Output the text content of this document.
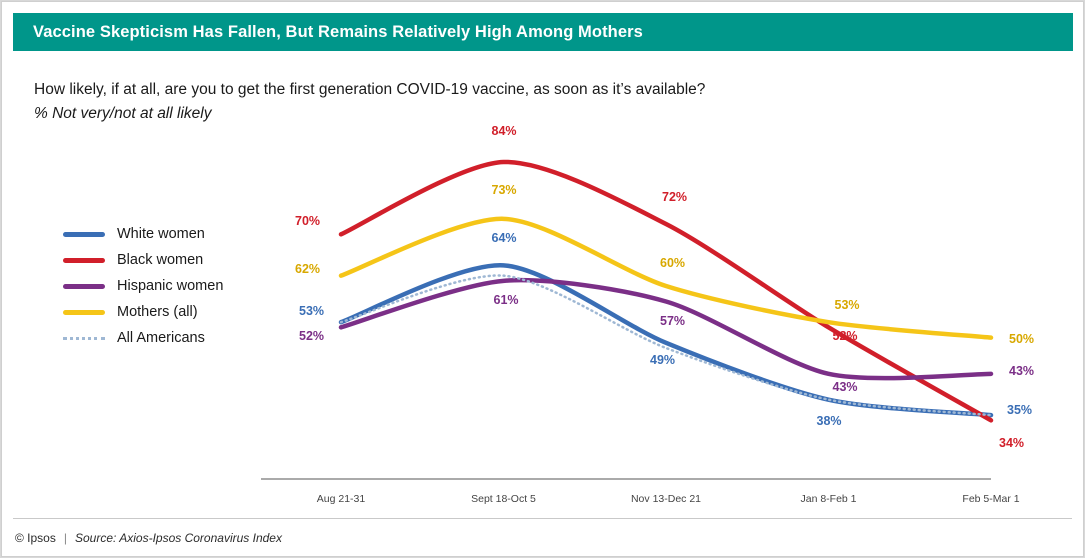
Vaccine Skepticism Has Fallen, But Remains Relatively High Among Mothers
How likely, if at all, are you to get the first generation COVID-19 vaccine, as soon as it’s available?
% Not very/not at all likely
White women
Black women
Hispanic women
Mothers (all)
All Americans
Aug 21-31	Sept 18-Oct 5	Nov 13-Dec 21	Jan 8-Feb 1	Feb 5-Mar 1
53%
64%
49%
38%
35%
70%
84%
72%
52%
34%
52%
61%
57%
43%
43%
62%
73%
60%
53%
50%
© Ipsos | Source: Axios-Ipsos Coronavirus Index
